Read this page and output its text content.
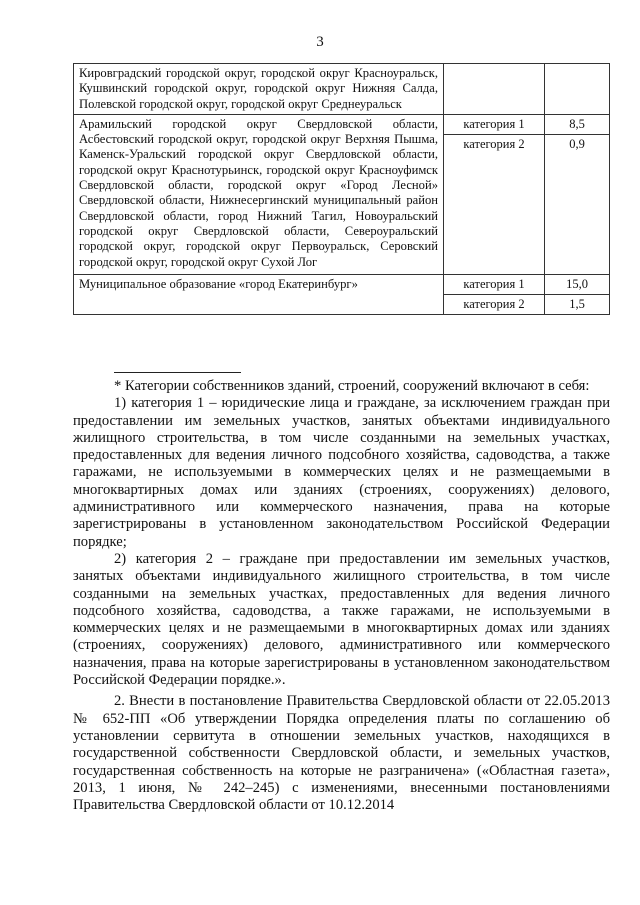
3
Кировградский городской округ, городской округ Красноуральск, Кушвинский городской округ, городской округ Нижняя Салда, Полевской городской округ, городской округ Среднеуральск		
Арамильский городской округ Свердловской области, Асбестовский городской округ, городской округ Верхняя Пышма, Каменск-Уральский городской округ Свердловской области, городской округ Краснотурьинск, городской округ Красноуфимск Свердловской области, городской округ «Город Лесной» Свердловской области, Нижнесергинский муниципальный район Свердловской области, город Нижний Тагил, Новоуральский городской округ Свердловской области, Североуральский городской округ, городской округ Первоуральск, Серовский городской округ, городской округ Сухой Лог	категория 1	8,5
	категория 2	0,9
Муниципальное образование «город Екатеринбург»	категория 1	15,0
	категория 2	1,5

* Категории собственников зданий, строений, сооружений включают в себя:

1) категория 1 – юридические лица и граждане, за исключением граждан при предоставлении им земельных участков, занятых объектами индивидуального жилищного строительства, в том числе созданными на земельных участках, предоставленных для ведения личного подсобного хозяйства, садоводства, а также гаражами, не используемыми в коммерческих целях и не размещаемыми в многоквартирных домах или зданиях (строениях, сооружениях) делового, административного или коммерческого назначения, права на которые зарегистрированы в установленном законодательством Российской Федерации порядке;

2) категория 2 – граждане при предоставлении им земельных участков, занятых объектами индивидуального жилищного строительства, в том числе созданными на земельных участках, предоставленных для ведения личного подсобного хозяйства, садоводства, а также гаражами, не используемыми в коммерческих целях и не размещаемыми в многоквартирных домах или зданиях (строениях, сооружениях) делового, административного или коммерческого назначения, права на которые зарегистрированы в установленном законодательством Российской Федерации порядке.».

2. Внести в постановление Правительства Свердловской области от 22.05.2013 № 652-ПП «Об утверждении Порядка определения платы по соглашению об установлении сервитута в отношении земельных участков, находящихся в государственной собственности Свердловской области, и земельных участков, государственная собственность на которые не разграничена» («Областная газета», 2013, 1 июня, № 242–245) с изменениями, внесенными постановлениями Правительства Свердловской области от 10.12.2014
